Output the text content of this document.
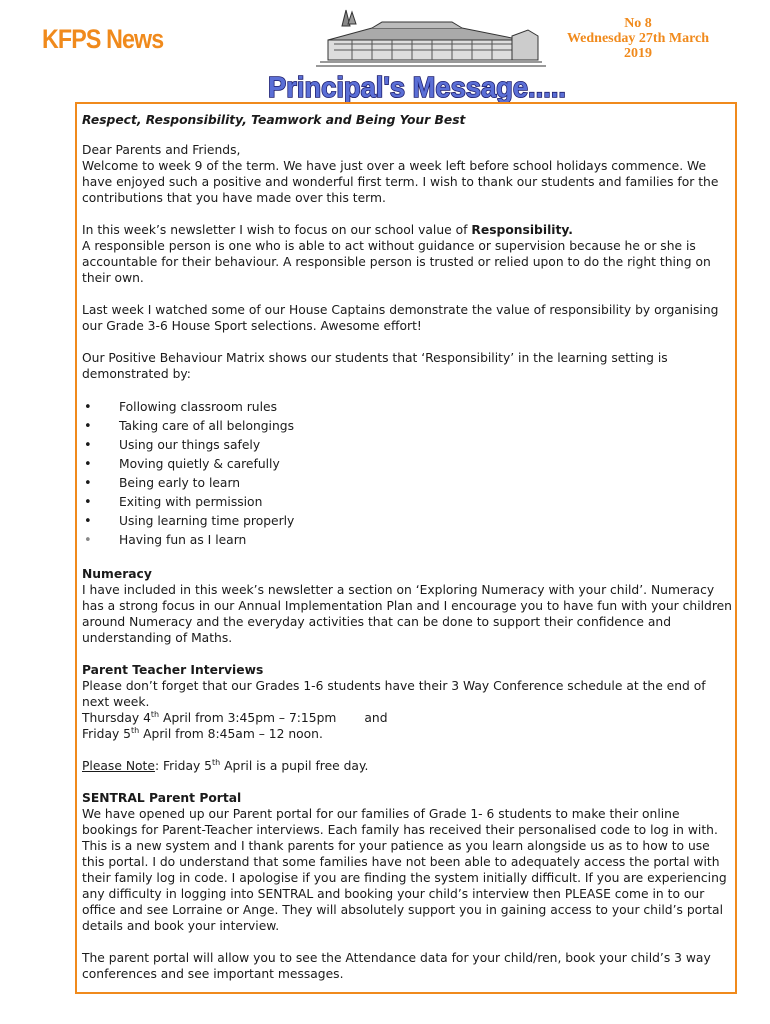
KFPS News
No 8
Wednesday 27th March
2019
Principal's Message.....

Respect, Responsibility, Teamwork and Being Your Best

Dear Parents and Friends,
Welcome to week 9 of the term. We have just over a week left before school holidays commence. We have enjoyed such a positive and wonderful first term. I wish to thank our students and families for the contributions that you have made over this term.

In this week’s newsletter I wish to focus on our school value of Responsibility.
A responsible person is one who is able to act without guidance or supervision because he or she is accountable for their behaviour. A responsible person is trusted or relied upon to do the right thing on their own.

Last week I watched some of our House Captains demonstrate the value of responsibility by organising our Grade 3-6 House Sport selections. Awesome effort!

Our Positive Behaviour Matrix shows our students that ‘Responsibility’ in the learning setting is demonstrated by:

• Following classroom rules
• Taking care of all belongings
• Using our things safely
• Moving quietly & carefully
• Being early to learn
• Exiting with permission
• Using learning time properly
• Having fun as I learn

Numeracy
I have included in this week’s newsletter a section on ‘Exploring Numeracy with your child’. Numeracy has a strong focus in our Annual Implementation Plan and I encourage you to have fun with your children around Numeracy and the everyday activities that can be done to support their confidence and understanding of Maths.

Parent Teacher Interviews
Please don’t forget that our Grades 1-6 students have their 3 Way Conference schedule at the end of next week.
Thursday 4th April from 3:45pm – 7:15pm and
Friday 5th April from 8:45am – 12 noon.

Please Note: Friday 5th April is a pupil free day.

SENTRAL Parent Portal
We have opened up our Parent portal for our families of Grade 1- 6 students to make their online bookings for Parent-Teacher interviews. Each family has received their personalised code to log in with. This is a new system and I thank parents for your patience as you learn alongside us as to how to use this portal. I do understand that some families have not been able to adequately access the portal with their family log in code. I apologise if you are finding the system initially difficult. If you are experiencing any difficulty in logging into SENTRAL and booking your child’s interview then PLEASE come in to our office and see Lorraine or Ange. They will absolutely support you in gaining access to your child’s portal details and book your interview.

The parent portal will allow you to see the Attendance data for your child/ren, book your child’s 3 way conferences and see important messages.
